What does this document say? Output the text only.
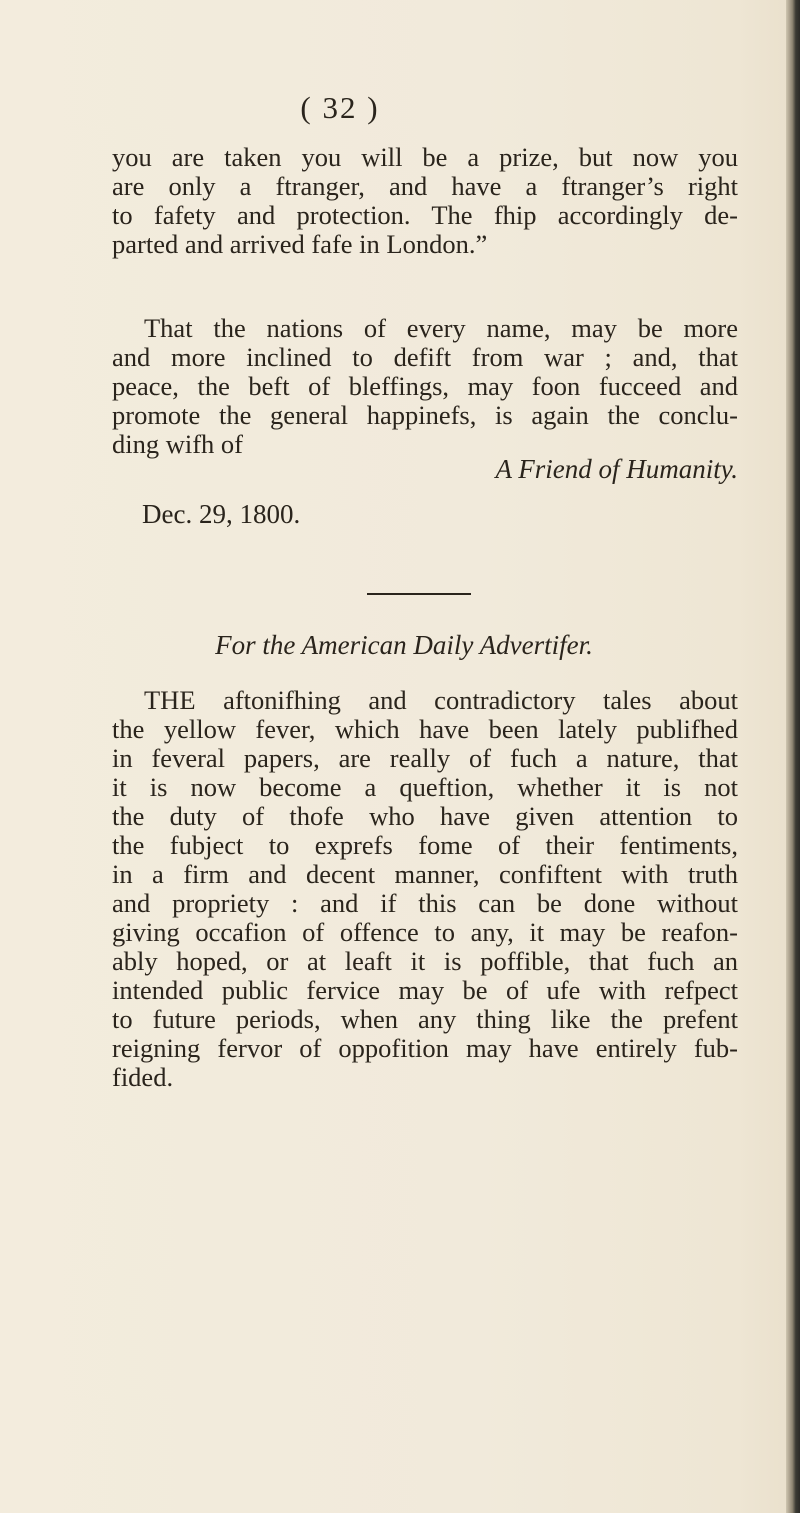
( 32 )
you are taken you will be a prize, but now you
are only a ftranger, and have a ftranger’s right
to fafety and protection. The fhip accordingly de-
parted and arrived fafe in London.”
That the nations of every name, may be more
and more inclined to defift from war ; and, that
peace, the beft of bleffings, may foon fucceed and
promote the general happinefs, is again the conclu-
ding wifh of
A Friend of Humanity.
Dec. 29, 1800.
For the American Daily Advertifer.
THE aftonifhing and contradictory tales about
the yellow fever, which have been lately publifhed
in feveral papers, are really of fuch a nature, that
it is now become a queftion, whether it is not
the duty of thofe who have given attention to
the fubject to exprefs fome of their fentiments,
in a firm and decent manner, confiftent with truth
and propriety : and if this can be done without
giving occafion of offence to any, it may be reafon-
ably hoped, or at leaft it is poffible, that fuch an
intended public fervice may be of ufe with refpect
to future periods, when any thing like the prefent
reigning fervor of oppofition may have entirely fub-
fided.
